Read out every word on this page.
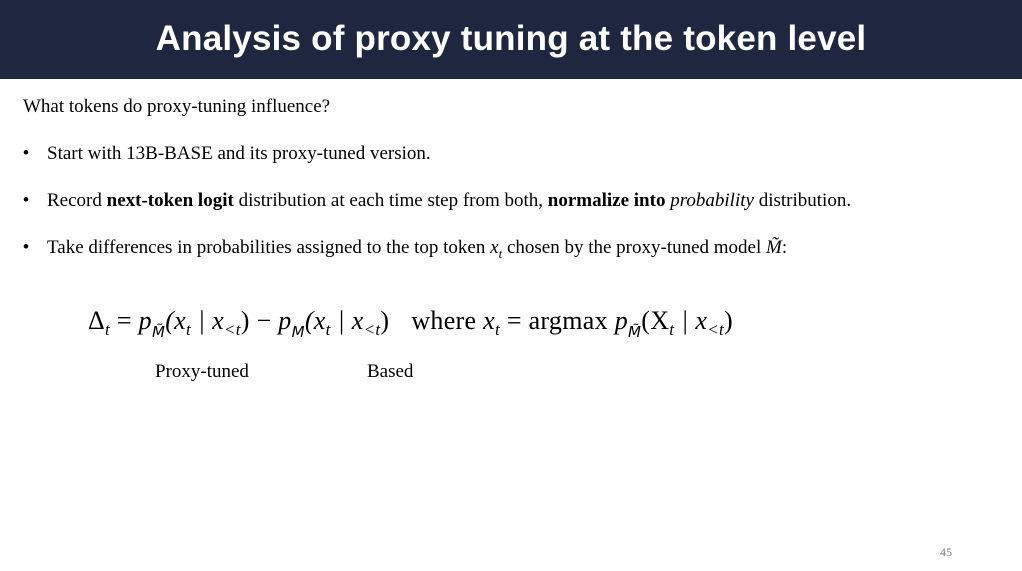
Analysis of proxy tuning at the token level
What tokens do proxy-tuning influence?
• Start with 13B-BASE and its proxy-tuned version.
• Record next-token logit distribution at each time step from both, normalize into probability distribution.
• Take differences in probabilities assigned to the top token $x_t$ chosen by the proxy-tuned model M̃:
$\Delta_t = p_{M̃}(x_t$ | $x_{<t}) - p_M(x_t$ | $x_{<t}$) where $x_t = argmax$ $p_{M̃}(X_t$ | $x_{<t}$)
Proxy-tuned	Based
45
